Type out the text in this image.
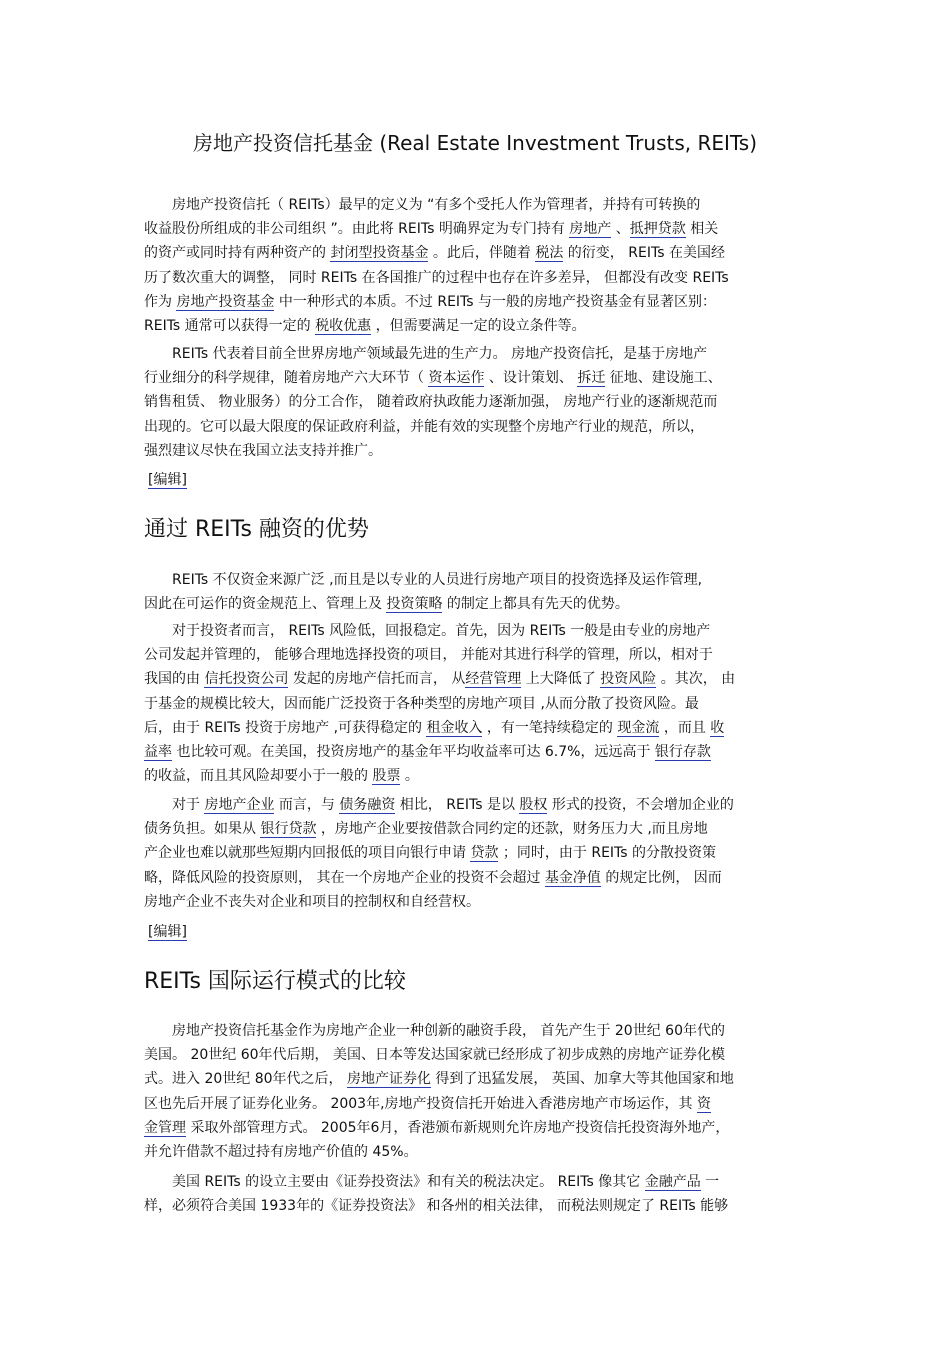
房地产投资信托基金 (Real Estate Investment Trusts, REITs)
　　房地产投资信托（ REITs）最早的定义为 “有多个受托人作为管理者，并持有可转换的
收益股份所组成的非公司组织 ”。由此将 REITs 明确界定为专门持有 房地产 、抵押贷款 相关
的资产或同时持有两种资产的 封闭型投资基金 。此后，伴随着 税法 的衍变， REITs 在美国经
历了数次重大的调整， 同时 REITs 在各国推广的过程中也存在许多差异， 但都没有改变 REITs
作为 房地产投资基金 中一种形式的本质。不过 REITs 与一般的房地产投资基金有显著区别：
REITs 通常可以获得一定的 税收优惠 ，但需要满足一定的设立条件等。
　　REITs 代表着目前全世界房地产领域最先进的生产力。 房地产投资信托，是基于房地产
行业细分的科学规律，随着房地产六大环节（ 资本运作 、设计策划、 拆迁 征地、建设施工、
销售租赁、 物业服务）的分工合作， 随着政府执政能力逐渐加强， 房地产行业的逐渐规范而
出现的。它可以最大限度的保证政府利益，并能有效的实现整个房地产行业的规范，所以，
强烈建议尽快在我国立法支持并推广。
[编辑]
通过 REITs 融资的优势
　　REITs 不仅资金来源广泛 ,而且是以专业的人员进行房地产项目的投资选择及运作管理,
因此在可运作的资金规范上、管理上及 投资策略 的制定上都具有先天的优势。
　　对于投资者而言， REITs 风险低，回报稳定。首先，因为 REITs 一般是由专业的房地产
公司发起并管理的， 能够合理地选择投资的项目， 并能对其进行科学的管理，所以，相对于
我国的由 信托投资公司 发起的房地产信托而言， 从经营管理 上大降低了 投资风险 。其次， 由
于基金的规模比较大，因而能广泛投资于各种类型的房地产项目 ,从而分散了投资风险。最
后，由于 REITs 投资于房地产 ,可获得稳定的 租金收入 ，有一笔持续稳定的 现金流 ，而且 收
益率 也比较可观。在美国，投资房地产的基金年平均收益率可达 6.7%，远远高于 银行存款
的收益，而且其风险却要小于一般的 股票 。
　　对于 房地产企业 而言，与 债务融资 相比， REITs 是以 股权 形式的投资，不会增加企业的
债务负担。如果从 银行贷款 ，房地产企业要按借款合同约定的还款，财务压力大 ,而且房地
产企业也难以就那些短期内回报低的项目向银行申请 贷款 ；同时，由于 REITs 的分散投资策
略，降低风险的投资原则， 其在一个房地产企业的投资不会超过 基金净值 的规定比例， 因而
房地产企业不丧失对企业和项目的控制权和自经营权。
[编辑]
REITs 国际运行模式的比较
　　房地产投资信托基金作为房地产企业一种创新的融资手段， 首先产生于 20世纪 60年代的
美国。 20世纪 60年代后期， 美国、日本等发达国家就已经形成了初步成熟的房地产证券化模
式。进入 20世纪 80年代之后， 房地产证券化 得到了迅猛发展， 英国、加拿大等其他国家和地
区也先后开展了证券化业务。 2003年,房地产投资信托开始进入香港房地产市场运作，其 资
金管理 采取外部管理方式。 2005年6月，香港颁布新规则允许房地产投资信托投资海外地产，
并允许借款不超过持有房地产价值的 45%。
　　美国 REITs 的设立主要由《证券投资法》和有关的税法决定。 REITs 像其它 金融产品 一
样，必须符合美国 1933年的《证券投资法》 和各州的相关法律， 而税法则规定了 REITs 能够
